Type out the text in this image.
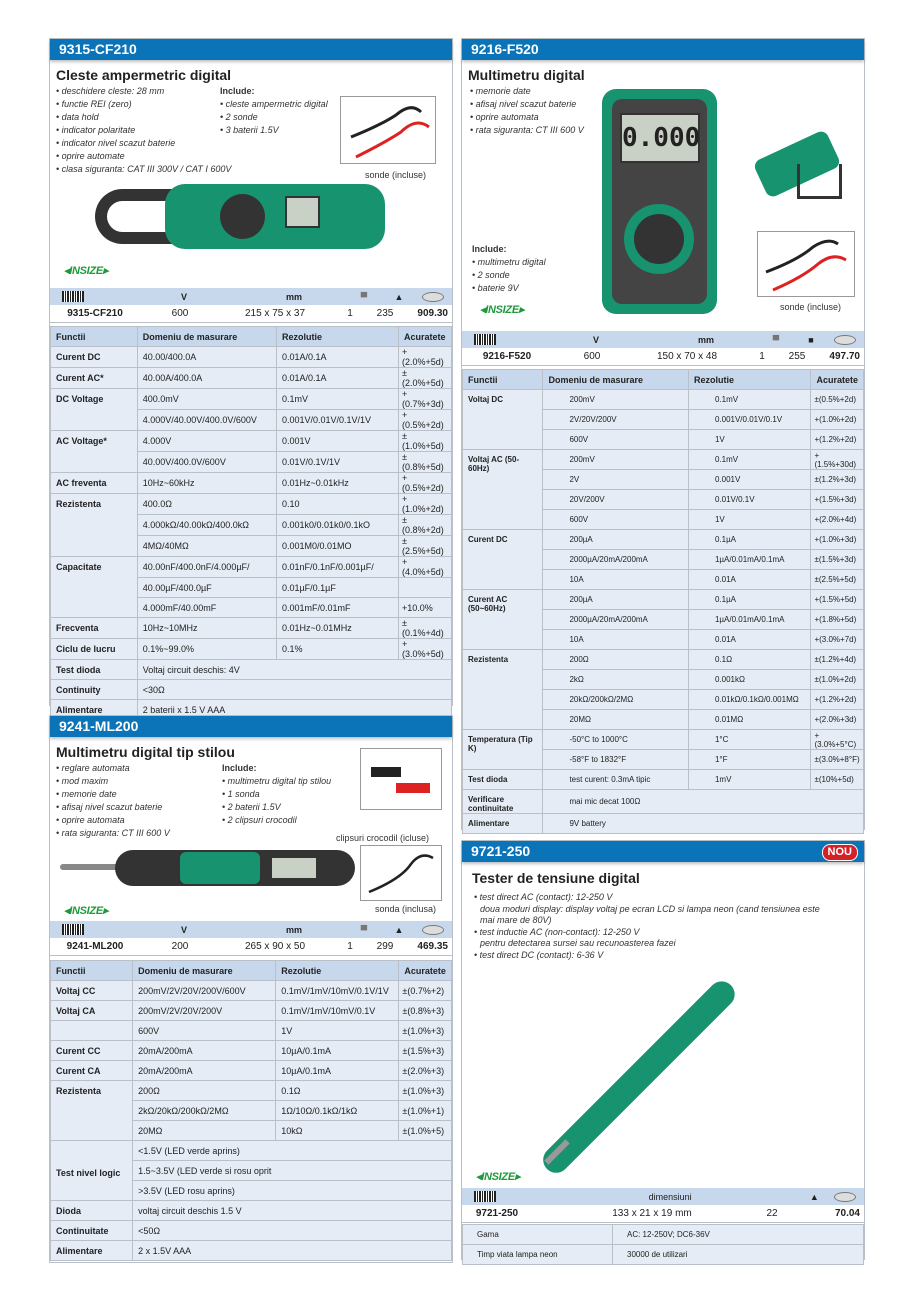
9315-CF210
Cleste ampermetric digital
• deschidere cleste: 28 mm
• functie REI (zero)
• data hold
• indicator polaritate
• indicator nivel scazut baterie
• oprire automate
• clasa siguranta: CAT III 300V / CAT I 600V
Include:
• cleste ampermetric digital
• 2 sonde
• 3 baterii 1.5V
sonde (incluse)
◂INSIZE▸
V	mm	▀	▲
9315-CF210	600	215 x 75 x 37	1	235	909.30
Functii	Domeniu de masurare	Rezolutie	Acuratete
Curent DC	40.00/400.0A	0.01A/0.1A	+(2.0%+5d)
Curent AC*	40.00A/400.0A	0.01A/0.1A	±(2.0%+5d)
DC Voltage	400.0mV	0.1mV	+(0.7%+3d)
	4.000V/40.00V/400.0V/600V	0.001V/0.01V/0.1V/1V	+(0.5%+2d)
AC Voltage*	4.000V	0.001V	±(1.0%+5d)
	40.00V/400.0V/600V	0.01V/0.1V/1V	±(0.8%+5d)
AC freventa	10Hz~60kHz	0.01Hz~0.01kHz	+(0.5%+2d)
Rezistenta	400.0Ω	0.10	+(1.0%+2d)
	4.000kΩ/40.00kΩ/400.0kΩ	0.001k0/0.01k0/0.1kO	±(0.8%+2d)
	4MΩ/40MΩ	0.001M0/0.01MO	±(2.5%+5d)
Capacitate	40.00nF/400.0nF/4.000µF/	0.01nF/0.1nF/0.001µF/	+(4.0%+5d)
	40.00µF/400.0µF	0.01µF/0.1µF	
	4.000mF/40.00mF	0.001mF/0.01mF	+10.0%
Frecventa	10Hz~10MHz	0.01Hz~0.01MHz	±(0.1%+4d)
Ciclu de lucru	0.1%~99.0%	0.1%	+(3.0%+5d)
Test dioda	Voltaj circuit deschis: 4V		
Continuity	<30Ω		
Alimentare	2 baterii x 1.5 V AAA		
9241-ML200
Multimetru digital tip stilou
• reglare automata
• mod maxim
• memorie date
• afisaj nivel scazut baterie
• oprire automata
• rata siguranta: CT III 600 V
Include:
• multimetru digital tip stilou
• 1 sonda
• 2 baterii 1.5V
• 2 clipsuri crocodil
clipsuri crocodil (icluse)
sonda (inclusa)
◂INSIZE▸
V	mm	▀	▲
9241-ML200	200	265 x 90 x 50	1	299	469.35
Functii	Domeniu de masurare	Rezolutie	Acuratete
Voltaj CC	200mV/2V/20V/200V/600V	0.1mV/1mV/10mV/0.1V/1V	±(0.7%+2)
Voltaj CA	200mV/2V/20V/200V	0.1mV/1mV/10mV/0.1V	±(0.8%+3)
	600V	1V	±(1.0%+3)
Curent CC	20mA/200mA	10µA/0.1mA	±(1.5%+3)
Curent CA	20mA/200mA	10µA/0.1mA	±(2.0%+3)
Rezistenta	200Ω	0.1Ω	±(1.0%+3)
	2kΩ/20kΩ/200kΩ/2MΩ	1Ω/10Ω/0.1kΩ/1kΩ	±(1.0%+1)
	20MΩ	10kΩ	±(1.0%+5)
Test nivel logic	<1.5V (LED verde aprins)		
	1.5~3.5V (LED verde si rosu oprit		
	>3.5V (LED rosu aprins)		
Dioda	voltaj circuit deschis 1.5 V		
Continuitate	<50Ω		
Alimentare	2 x 1.5V AAA		
9216-F520
Multimetru digital
• memorie date
• afisaj nivel scazut baterie
• oprire automata
• rata siguranta: CT III 600 V
Include:
• multimetru digital
• 2 sonde
• baterie 9V
0.000
sonde (incluse)
◂INSIZE▸
V	mm	▀	■
9216-F520	600	150 x 70 x 48	1	255	497.70
Functii	Domeniu de masurare	Rezolutie	Acuratete
Voltaj DC	200mV	0.1mV	±(0.5%+2d)
	2V/20V/200V	0.001V/0.01V/0.1V	+(1.0%+2d)
	600V	1V	+(1.2%+2d)
Voltaj AC (50-60Hz)	200mV	0.1mV	+(1.5%+30d)
	2V	0.001V	±(1.2%+3d)
	20V/200V	0.01V/0.1V	+(1.5%+3d)
	600V	1V	+(2.0%+4d)
Curent DC	200µA	0.1µA	+(1.0%+3d)
	2000µA/20mA/200mA	1µA/0.01mA/0.1mA	±(1.5%+3d)
	10A	0.01A	±(2.5%+5d)
Curent AC (50~60Hz)	200µA	0.1µA	+(1.5%+5d)
	2000µA/20mA/200mA	1µA/0.01mA/0.1mA	+(1.8%+5d)
	10A	0.01A	+(3.0%+7d)
Rezistenta	200Ω	0.1Ω	±(1.2%+4d)
	2kΩ	0.001kΩ	±(1.0%+2d)
	20kΩ/200kΩ/2MΩ	0.01kΩ/0.1kΩ/0.001MΩ	+(1.2%+2d)
	20MΩ	0.01MΩ	+(2.0%+3d)
Temperatura (Tip K)	-50°C to 1000°C	1°C	+(3.0%+5°C)
	-58°F to 1832°F	1°F	±(3.0%+8°F)
Test dioda	test curent: 0.3mA tipic	1mV	±(10%+5d)
Verificare continuitate	mai mic decat 100Ω		
Alimentare	9V battery		
9721-250	NOU
Tester de tensiune digital
• test direct AC (contact): 12-250 V
doua moduri display: display voltaj pe ecran LCD si lampa neon (cand tensiunea este
mai mare de 80V)
• test inductie AC (non-contact): 12-250 V
pentru detectarea sursei sau recunoasterea fazei
• test direct DC (contact): 6-36 V
◂INSIZE▸
dimensiuni	▲
9721-250	133 x 21 x 19 mm	22	70.04
Gama	AC: 12-250V; DC6-36V
Timp viata lampa neon	30000 de utilizari
